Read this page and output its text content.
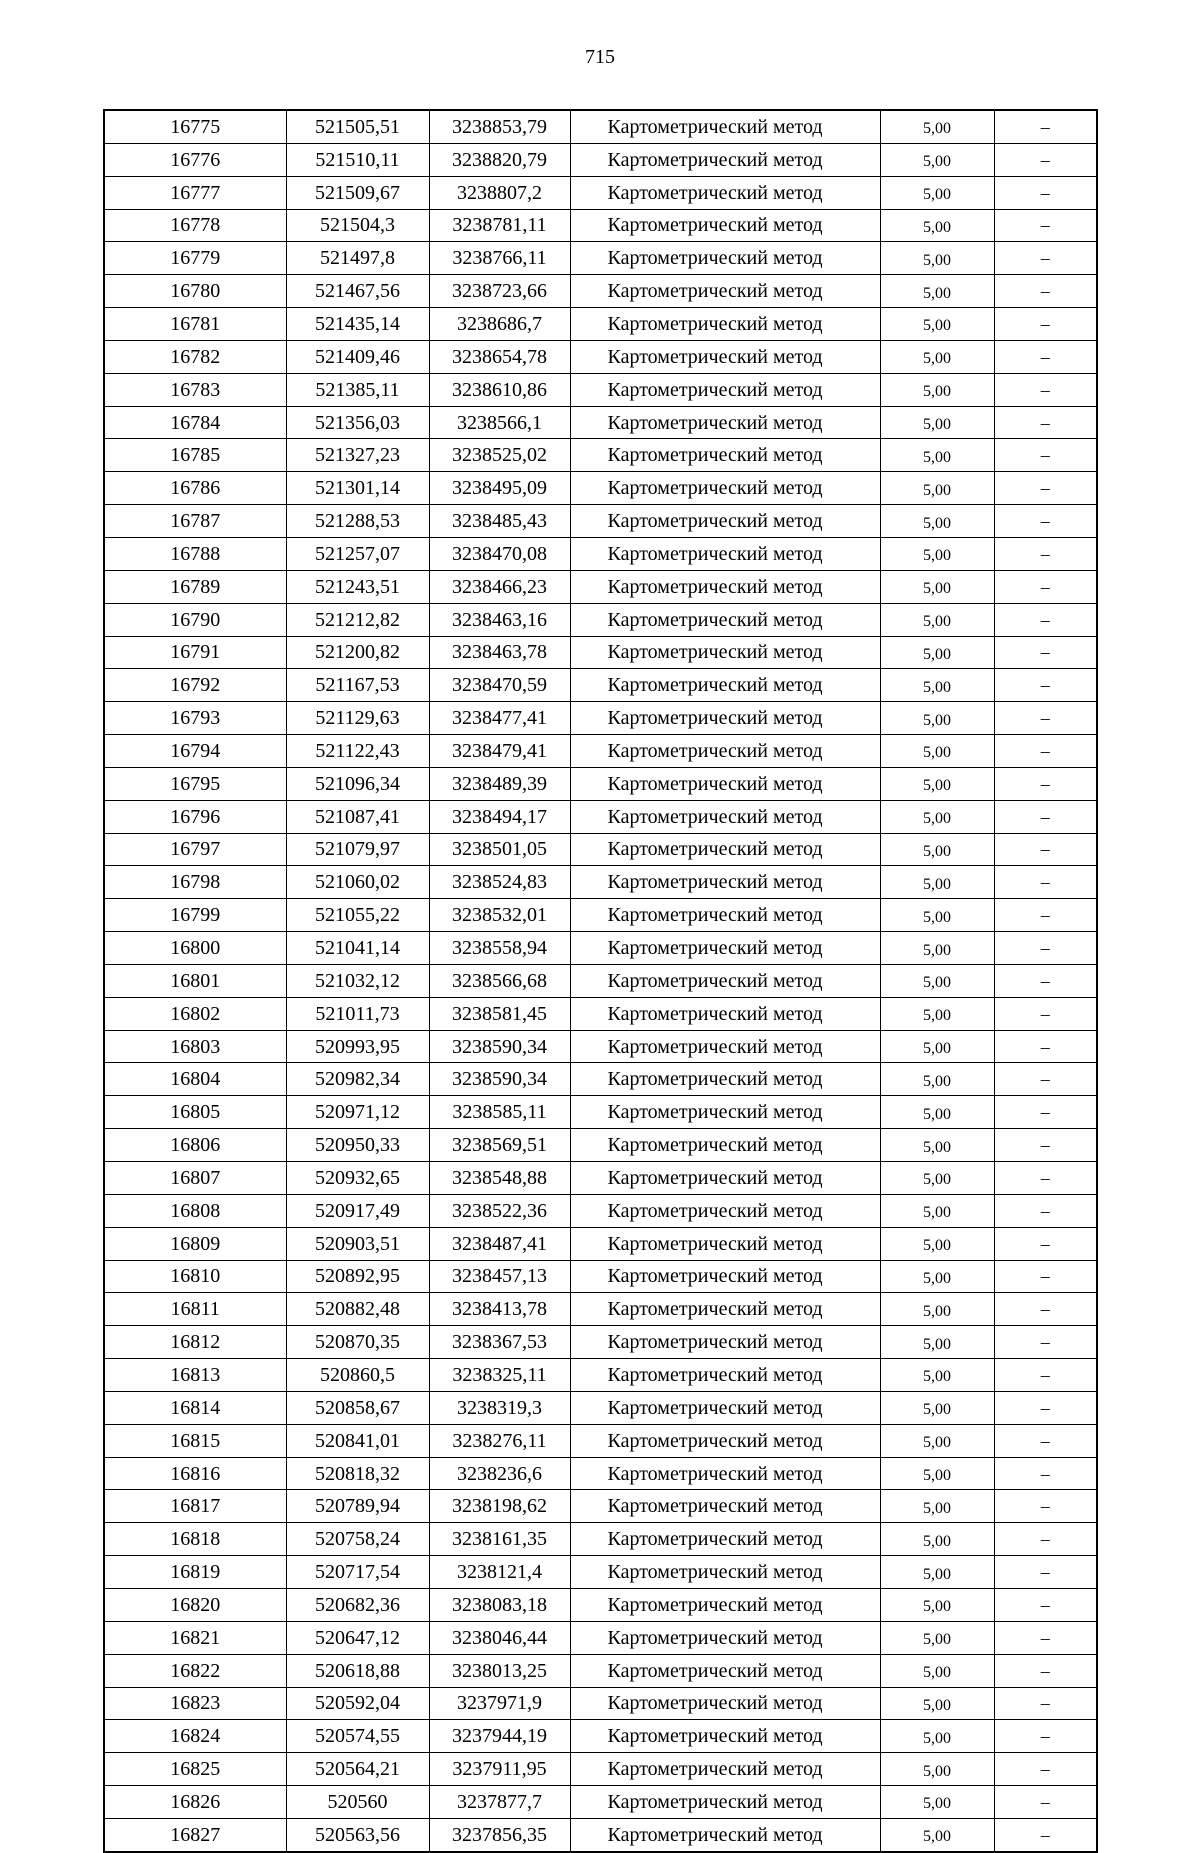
715
16775	521505,51	3238853,79	Картометрический метод	5,00	–
16776	521510,11	3238820,79	Картометрический метод	5,00	–
16777	521509,67	3238807,2	Картометрический метод	5,00	–
16778	521504,3	3238781,11	Картометрический метод	5,00	–
16779	521497,8	3238766,11	Картометрический метод	5,00	–
16780	521467,56	3238723,66	Картометрический метод	5,00	–
16781	521435,14	3238686,7	Картометрический метод	5,00	–
16782	521409,46	3238654,78	Картометрический метод	5,00	–
16783	521385,11	3238610,86	Картометрический метод	5,00	–
16784	521356,03	3238566,1	Картометрический метод	5,00	–
16785	521327,23	3238525,02	Картометрический метод	5,00	–
16786	521301,14	3238495,09	Картометрический метод	5,00	–
16787	521288,53	3238485,43	Картометрический метод	5,00	–
16788	521257,07	3238470,08	Картометрический метод	5,00	–
16789	521243,51	3238466,23	Картометрический метод	5,00	–
16790	521212,82	3238463,16	Картометрический метод	5,00	–
16791	521200,82	3238463,78	Картометрический метод	5,00	–
16792	521167,53	3238470,59	Картометрический метод	5,00	–
16793	521129,63	3238477,41	Картометрический метод	5,00	–
16794	521122,43	3238479,41	Картометрический метод	5,00	–
16795	521096,34	3238489,39	Картометрический метод	5,00	–
16796	521087,41	3238494,17	Картометрический метод	5,00	–
16797	521079,97	3238501,05	Картометрический метод	5,00	–
16798	521060,02	3238524,83	Картометрический метод	5,00	–
16799	521055,22	3238532,01	Картометрический метод	5,00	–
16800	521041,14	3238558,94	Картометрический метод	5,00	–
16801	521032,12	3238566,68	Картометрический метод	5,00	–
16802	521011,73	3238581,45	Картометрический метод	5,00	–
16803	520993,95	3238590,34	Картометрический метод	5,00	–
16804	520982,34	3238590,34	Картометрический метод	5,00	–
16805	520971,12	3238585,11	Картометрический метод	5,00	–
16806	520950,33	3238569,51	Картометрический метод	5,00	–
16807	520932,65	3238548,88	Картометрический метод	5,00	–
16808	520917,49	3238522,36	Картометрический метод	5,00	–
16809	520903,51	3238487,41	Картометрический метод	5,00	–
16810	520892,95	3238457,13	Картометрический метод	5,00	–
16811	520882,48	3238413,78	Картометрический метод	5,00	–
16812	520870,35	3238367,53	Картометрический метод	5,00	–
16813	520860,5	3238325,11	Картометрический метод	5,00	–
16814	520858,67	3238319,3	Картометрический метод	5,00	–
16815	520841,01	3238276,11	Картометрический метод	5,00	–
16816	520818,32	3238236,6	Картометрический метод	5,00	–
16817	520789,94	3238198,62	Картометрический метод	5,00	–
16818	520758,24	3238161,35	Картометрический метод	5,00	–
16819	520717,54	3238121,4	Картометрический метод	5,00	–
16820	520682,36	3238083,18	Картометрический метод	5,00	–
16821	520647,12	3238046,44	Картометрический метод	5,00	–
16822	520618,88	3238013,25	Картометрический метод	5,00	–
16823	520592,04	3237971,9	Картометрический метод	5,00	–
16824	520574,55	3237944,19	Картометрический метод	5,00	–
16825	520564,21	3237911,95	Картометрический метод	5,00	–
16826	520560	3237877,7	Картометрический метод	5,00	–
16827	520563,56	3237856,35	Картометрический метод	5,00	–
